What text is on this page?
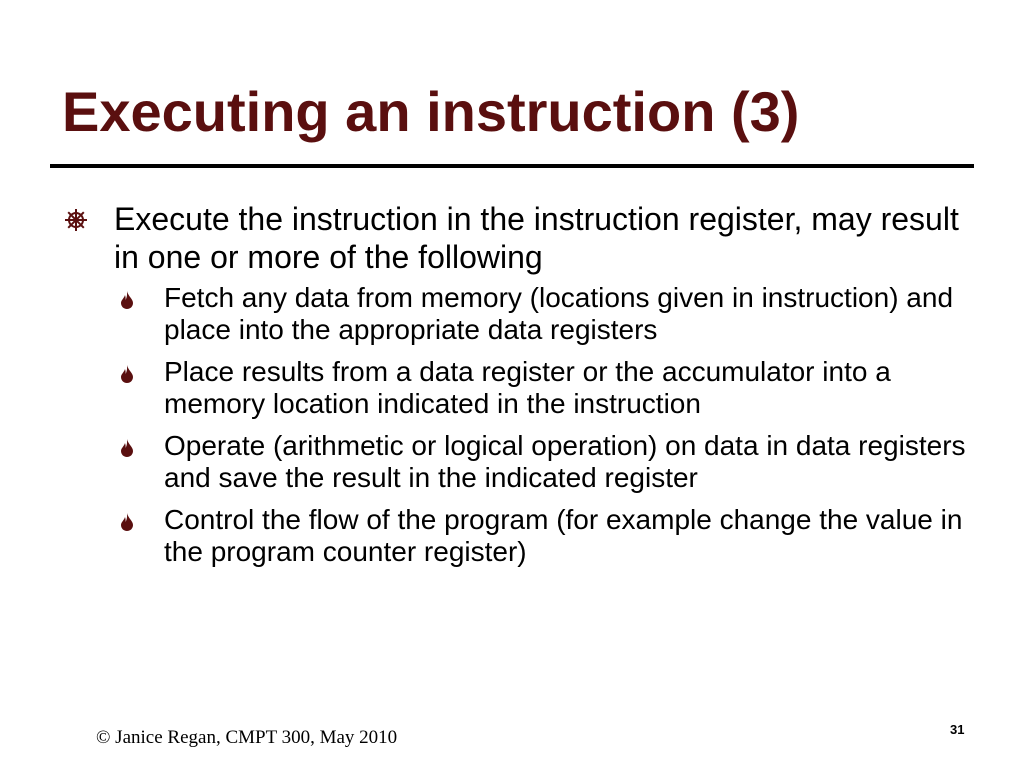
Executing an instruction (3)
Execute the instruction in the instruction register, may result in one or more of the following
Fetch any data from memory (locations given in instruction) and place into the appropriate data registers
Place results from a data register or the accumulator into a memory location indicated in the instruction
Operate (arithmetic or logical operation) on data in data registers and save the result in the indicated register
Control the flow of the program (for example change the value in the program counter register)
© Janice Regan, CMPT 300, May 2010	31
